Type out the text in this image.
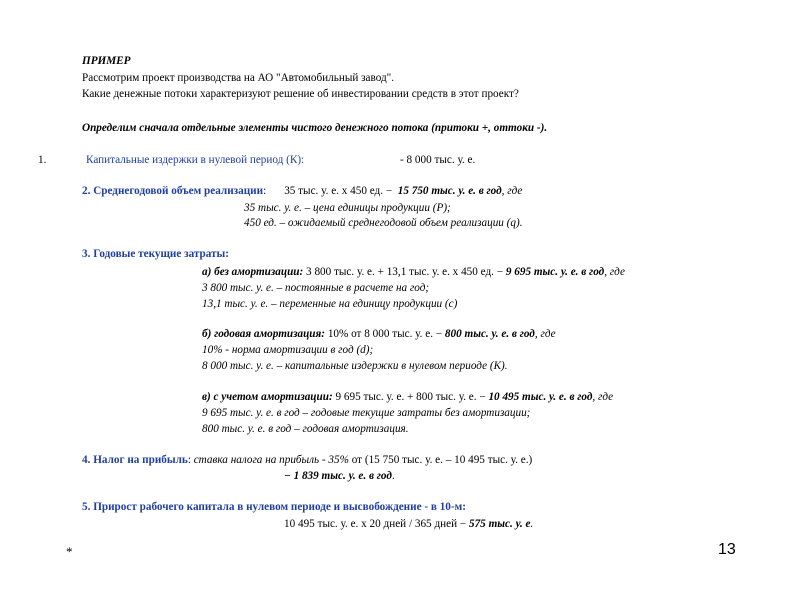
ПРИМЕР
Рассмотрим проект производства на АО "Автомобильный завод".
Какие денежные потоки характеризуют решение об инвестировании средств в этот проект?
Определим сначала отдельные элементы чистого денежного потока (притоки +, оттоки -).
1.	Капитальные издержки в нулевой период (К):	- 8 000 тыс. у. е.
2. Среднегодовой объем реализации: 35 тыс. у. е. х 450 ед. − 15 750 тыс. у. е. в год, где
35 тыс. у. е. – цена единицы продукции (Р);
450 ед. – ожидаемый среднегодовой объем реализации (q).
3. Годовые текущие затраты:
а) без амортизации: 3 800 тыс. у. е. + 13,1 тыс. у. е. х 450 ед. − 9 695 тыс. у. е. в год, где
3 800 тыс. у. е. – постоянные в расчете на год;
13,1 тыс. у. е. – переменные на единицу продукции (с)
б) годовая амортизация: 10% от 8 000 тыс. у. е. − 800 тыс. у. е. в год, где
10% - норма амортизации в год (d);
8 000 тыс. у. е. – капитальные издержки в нулевом периоде (К).
в) с учетом амортизации: 9 695 тыс. у. е. + 800 тыс. у. е. − 10 495 тыс. у. е. в год, где
9 695 тыс. у. е. в год – годовые текущие затраты без амортизации;
800 тыс. у. е. в год – годовая амортизация.
4. Налог на прибыль: ставка налога на прибыль - 35% от (15 750 тыс. у. е. – 10 495 тыс. у. е.)
− 1 839 тыс. у. е. в год.
5. Прирост рабочего капитала в нулевом периоде и высвобождение - в 10-м:
10 495 тыс. у. е. х 20 дней / 365 дней − 575 тыс. у. е.
*	13
